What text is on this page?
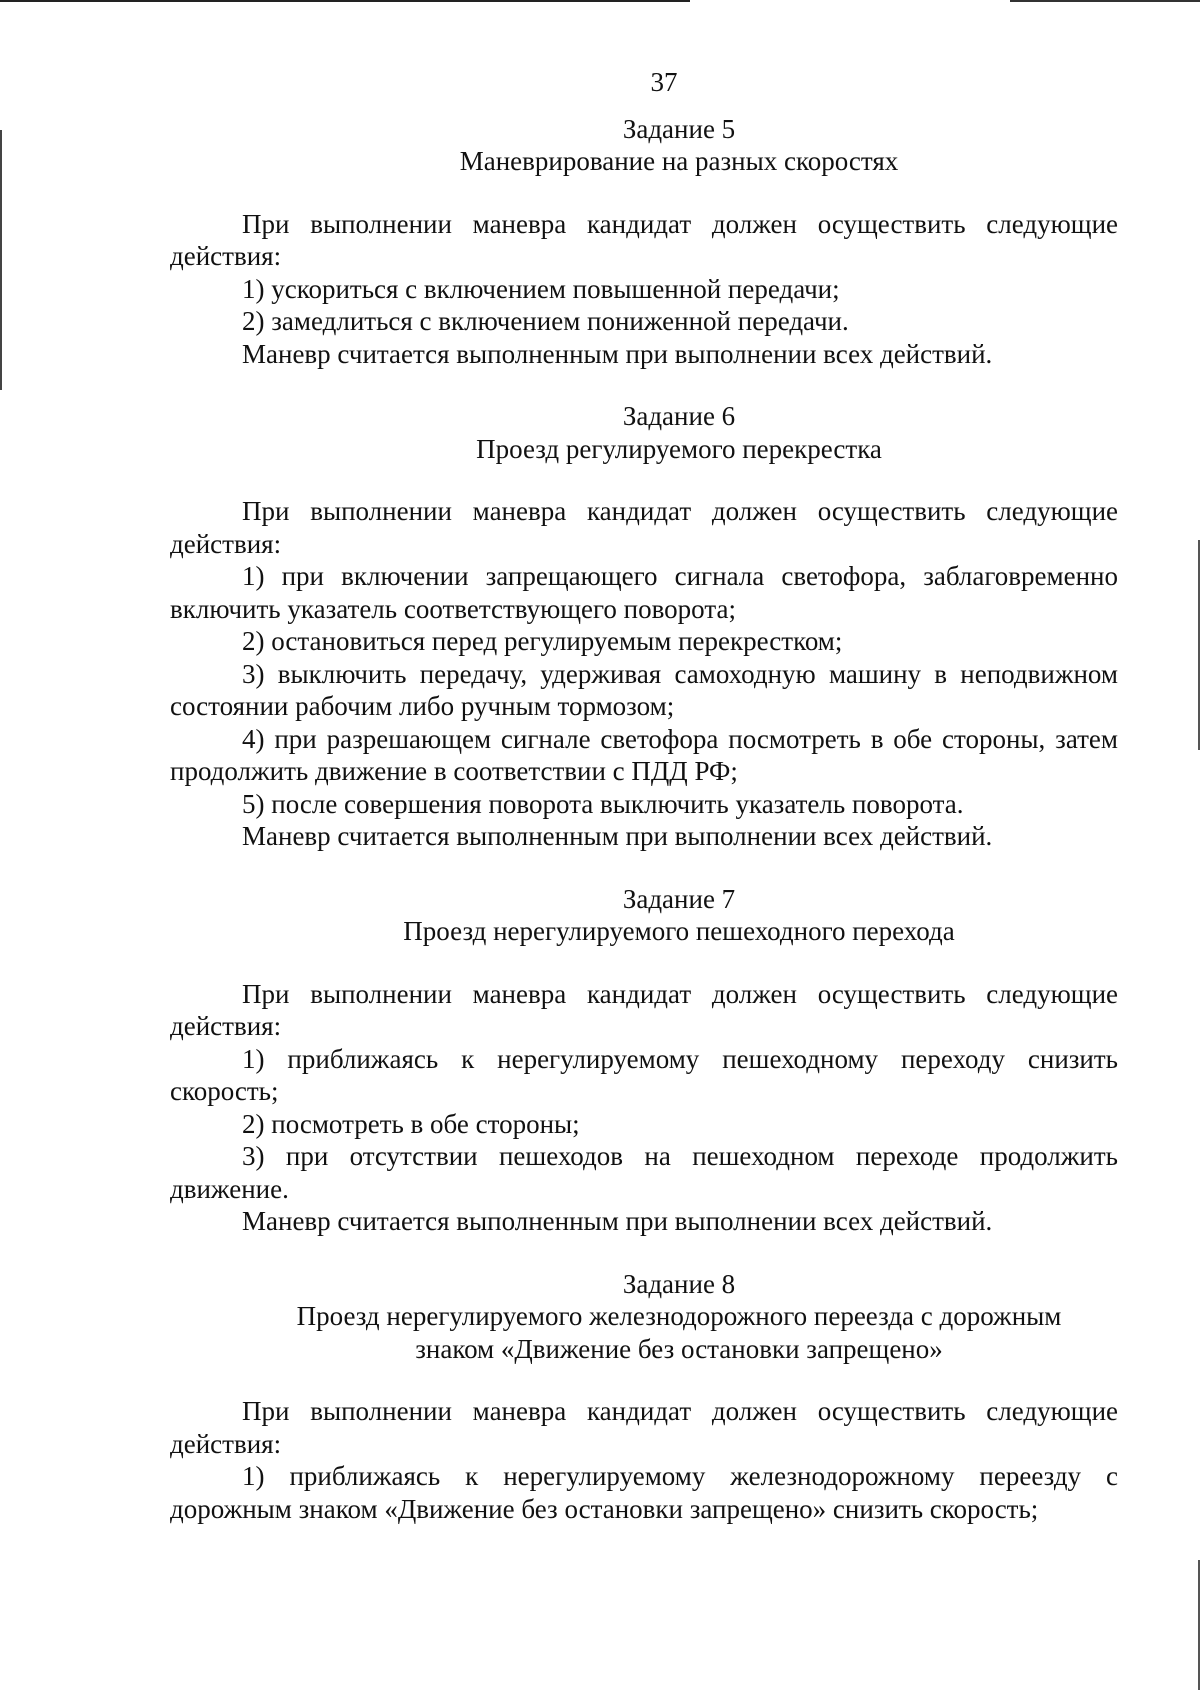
37
Задание 5
Маневрирование на разных скоростях

При выполнении маневра кандидат должен осуществить следующие действия:

1) ускориться с включением повышенной передачи;

2) замедлиться с включением пониженной передачи.

Маневр считается выполненным при выполнении всех действий.

Задание 6
Проезд регулируемого перекрестка

При выполнении маневра кандидат должен осуществить следующие действия:

1) при включении запрещающего сигнала светофора, заблаговременно включить указатель соответствующего поворота;

2) остановиться перед регулируемым перекрестком;

3) выключить передачу, удерживая самоходную машину в неподвижном состоянии рабочим либо ручным тормозом;

4) при разрешающем сигнале светофора посмотреть в обе стороны, затем продолжить движение в соответствии с ПДД РФ;

5) после совершения поворота выключить указатель поворота.

Маневр считается выполненным при выполнении всех действий.

Задание 7
Проезд нерегулируемого пешеходного перехода

При выполнении маневра кандидат должен осуществить следующие действия:

1) приближаясь к нерегулируемому пешеходному переходу снизить скорость;

2) посмотреть в обе стороны;

3) при отсутствии пешеходов на пешеходном переходе продолжить движение.

Маневр считается выполненным при выполнении всех действий.

Задание 8
Проезд нерегулируемого железнодорожного переезда с дорожным
знаком «Движение без остановки запрещено»

При выполнении маневра кандидат должен осуществить следующие действия:

1) приближаясь к нерегулируемому железнодорожному переезду с дорожным знаком «Движение без остановки запрещено» снизить скорость;
